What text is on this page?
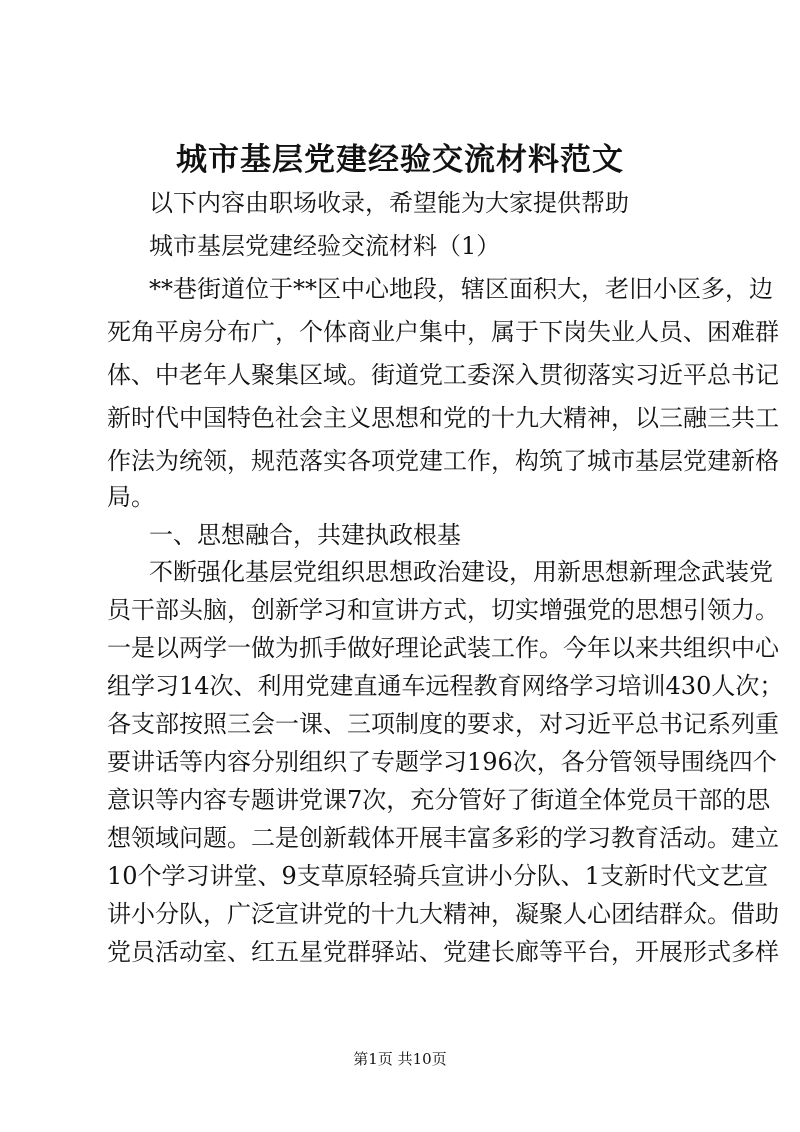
城市基层党建经验交流材料范文
以下内容由职场收录，希望能为大家提供帮助
城市基层党建经验交流材料（1）
**巷街道位于**区中心地段，辖区面积大，老旧小区多，边
死角平房分布广，个体商业户集中，属于下岗失业人员、困难群
体、中老年人聚集区域。街道党工委深入贯彻落实习近平总书记
新时代中国特色社会主义思想和党的十九大精神，以三融三共工
作法为统领，规范落实各项党建工作，构筑了城市基层党建新格
局。
一、思想融合，共建执政根基
不断强化基层党组织思想政治建设，用新思想新理念武装党
员干部头脑，创新学习和宣讲方式，切实增强党的思想引领力。
一是以两学一做为抓手做好理论武装工作。今年以来共组织中心
组学习14次、利用党建直通车远程教育网络学习培训430人次；
各支部按照三会一课、三项制度的要求，对习近平总书记系列重
要讲话等内容分别组织了专题学习196次，各分管领导围绕四个
意识等内容专题讲党课7次，充分管好了街道全体党员干部的思
想领域问题。二是创新载体开展丰富多彩的学习教育活动。建立
10个学习讲堂、9支草原轻骑兵宣讲小分队、1支新时代文艺宣
讲小分队，广泛宣讲党的十九大精神，凝聚人心团结群众。借助
党员活动室、红五星党群驿站、党建长廊等平台，开展形式多样
第1页 共10页
